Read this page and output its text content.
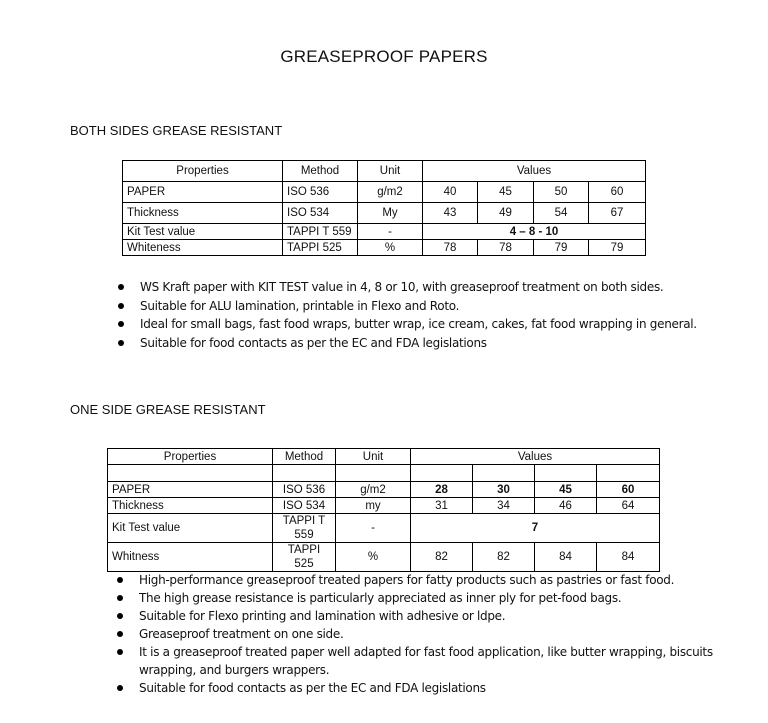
GREASEPROOF PAPERS
BOTH SIDES GREASE RESISTANT
Properties	Method	Unit	Values			
PAPER	ISO 536	g/m2	40	45	50	60
Thickness	ISO 534	My	43	49	54	67
Kit Test value	TAPPI T 559	-	4 – 8 - 10			
Whiteness	TAPPI 525	%	78	78	79	79
WS Kraft paper with KIT TEST value in 4, 8 or 10, with greaseproof treatment on both sides.
Suitable for ALU lamination, printable in Flexo and Roto.
Ideal for small bags, fast food wraps, butter wrap, ice cream, cakes, fat food wrapping in general.
Suitable for food contacts as per the EC and FDA legislations
ONE SIDE GREASE RESISTANT
Properties	Method	Unit	Values			

PAPER	ISO 536	g/m2	28	30	45	60
Thickness	ISO 534	my	31	34	46	64
Kit Test value	TAPPI T 559	-	7			
Whitness	TAPPI 525	%	82	82	84	84
High-performance greaseproof treated papers for fatty products such as pastries or fast food.
The high grease resistance is particularly appreciated as inner ply for pet-food bags.
Suitable for Flexo printing and lamination with adhesive or ldpe.
Greaseproof treatment on one side.
It is a greaseproof treated paper well adapted for fast food application, like butter wrapping, biscuits wrapping, and burgers wrappers.
Suitable for food contacts as per the EC and FDA legislations
